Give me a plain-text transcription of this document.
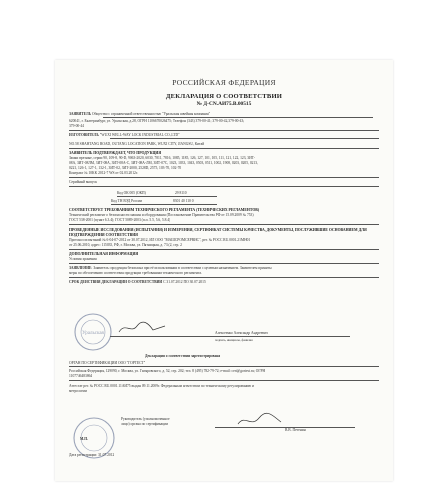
РОССИЙСКАЯ ФЕДЕРАЦИЯ
ДЕКЛАРАЦИЯ О СООТВЕТСТВИИ
№ Д-CN.АИ75.В.00515
ЗАЯВИТЕЛЬ Общество с ограниченной ответственностью "Уральская швейная компания"
620041, г. Екатеринбург, ул. Уральская, д.28, ОГРН 1106670026475; Телефон (343) 379-00-41; 379-00-42,379-00-43;
379-00-44
ИЗГОТОВИТЕЛЬ "WUXI WELL-WAY LOCK INDUSTRIAL CO.,LTD"
NO.58 SHAHTANG ROAD, OUTANG LOCATION PARK, WUXI CITY, JIANGSU, Китай
ЗАЯВИТЕЛЬ ПОДТВЕРЖДАЕТ, ЧТО ПРОДУКЦИЯ
Замки врезные, серии 90, 109-8, 90-D, 9063-2020, 6030, 7811, 7816, 1085, 1185, 126, 127, 101, 105, 111, 121, 122, 123, 3ИТ-
08А, 3ИТ-08ЛМ, 3ИТ-08А, 3ИТ-08А-С, 3ИТ-08А-ЛМ, 3ИТ-07С, 1023, 1033, 1043, 0503, 0511, 1002, 1908, 0203, 0205, 0213,
0221, 126-1, 127-1, 132-1, 3ИТ-02, 3ИТ-2000, 2528D, 2575, 103-70, 102-70
Контракт № 10KK 2012-7 WS от 02.03.2012г.
Серийный выпуск
Код ОК 005 (ОКП)	29 8110
Код ТН ВЭД России	8301 40 110 0
СООТВЕТСТВУЕТ ТРЕБОВАНИЯМ ТЕХНИЧЕСКОГО РЕГЛАМЕНТА (ТЕХНИЧЕСКИХ РЕГЛАМЕНТОВ)
Технический регламент о безопасности машин и оборудования (Постановление Правительства РФ от 15.09.2009 № 753)
ГОСТ 538-2001 (пункт 6.3.4); ГОСТ 5089-2003 (п.п. 5.5, 5.6, 5.8.4)
ПРОВЕДЕННЫЕ ИССЛЕДОВАНИЯ (ИСПЫТАНИЯ) И ИЗМЕРЕНИЯ, СЕРТИФИКАТ СИСТЕМЫ КАЧЕСТВА, ДОКУМЕНТЫ, ПОСЛУЖИВШИЕ ОСНОВАНИЕМ ДЛЯ ПОДТВЕРЖДЕНИЯ СООТВЕТСТВИЯ
Протокол испытаний № 6-04-07-2012 от 30.07.2012, ИЛ ООО "МАШСРОМСЕРВИС", рег. № РОСС RU.0001.21МН01
от 25.06.2010, адрес: 115035, РФ, г. Москва, ул. Пятницкая, д. 73 (2, стр. 2
ДОПОЛНИТЕЛЬНАЯ ИНФОРМАЦИЯ
Условия хранения
ЗАЯВЛЕНИЕ: Заявитель: продукция безопасна при её использовании в соответствии с целевым назначением. Заявителем приняты
меры по обеспечению соответствия продукции требованиям технического регламента.
СРОК ДЕЙСТВИЯ ДЕКЛАРАЦИИ О СООТВЕТСТВИИ С 31.07.2012 ПО 30.07.2015
Уральская	Алексеенко Александр Андреевич
подпись, инициалы, фамилия
Декларация о соответствии зарегистрирована
ОРГАН ПО СЕРТИФИКАЦИИ ООО "ГОРТЕСТ"
Российская Федерация, 129090, г. Москва, ул. Гиляровского, д. 52, стр. 202; тел. 8 (495) 782-79-72; е-mail: cert@gortest.ru; ОГРН
1107746483864
Аттестат рег. № РОСС RU.0001.11АИ75 выдан 09.11.2009г. Федеральным агентством по техническому регулированию и
метрологии
Руководитель (уполномоченное
лицо) органа по сертификации
В.В. Петенин
М.П.
Дата регистрации: 31.07.2012
